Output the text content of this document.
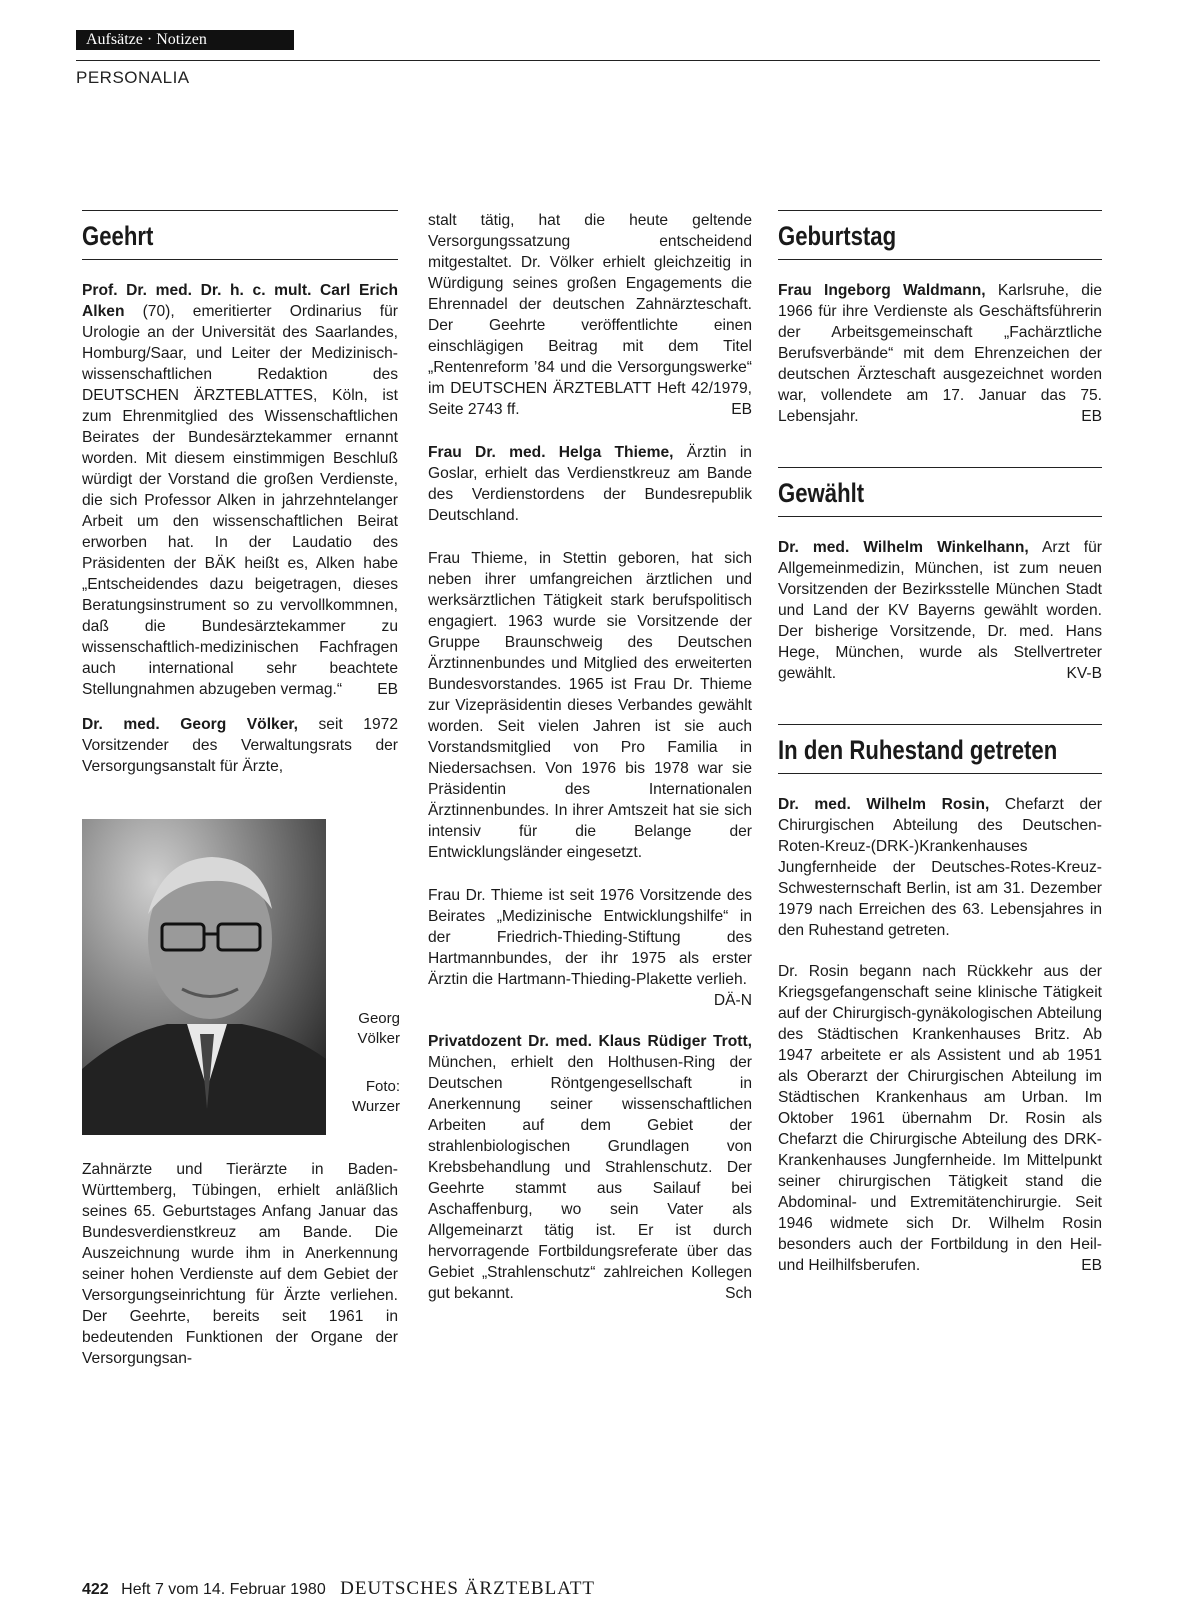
Aufsätze · Notizen
PERSONALIA
Geehrt

Prof. Dr. med. Dr. h. c. mult. Carl Erich Alken (70), emeritierter Ordinarius für Urologie an der Universität des Saarlandes, Homburg/Saar, und Leiter der Medizinisch-wissenschaftlichen Redaktion des DEUTSCHEN ÄRZTEBLATTES, Köln, ist zum Ehrenmitglied des Wissenschaftlichen Beirates der Bundesärztekammer ernannt worden. Mit diesem einstimmigen Beschluß würdigt der Vorstand die großen Verdienste, die sich Professor Alken in jahrzehntelanger Arbeit um den wissenschaftlichen Beirat erworben hat. In der Laudatio des Präsidenten der BÄK heißt es, Alken habe „Entscheidendes dazu beigetragen, dieses Beratungsinstrument so zu vervollkommnen, daß die Bundesärztekammer zu wissenschaftlich-medizinischen Fachfragen auch international sehr beachtete Stellungnahmen abzugeben vermag.“ EB

Dr. med. Georg Völker, seit 1972 Vorsitzender des Verwaltungsrats der Versorgungsanstalt für Ärzte,

Georg Völker
Foto: Wurzer

Zahnärzte und Tierärzte in Baden-Württemberg, Tübingen, erhielt anläßlich seines 65. Geburtstages Anfang Januar das Bundesverdienstkreuz am Bande. Die Auszeichnung wurde ihm in Anerkennung seiner hohen Verdienste auf dem Gebiet der Versorgungseinrichtung für Ärzte verliehen. Der Geehrte, bereits seit 1961 in bedeutenden Funktionen der Organe der Versorgungsan-

stalt tätig, hat die heute geltende Versorgungssatzung entscheidend mitgestaltet. Dr. Völker erhielt gleichzeitig in Würdigung seines großen Engagements die Ehrennadel der deutschen Zahnärzteschaft. Der Geehrte veröffentlichte einen einschlägigen Beitrag mit dem Titel „Rentenreform ’84 und die Versorgungswerke“ im DEUTSCHEN ÄRZTEBLATT Heft 42/1979, Seite 2743 ff.	EB

Frau Dr. med. Helga Thieme, Ärztin in Goslar, erhielt das Verdienstkreuz am Bande des Verdienstordens der Bundesrepublik Deutschland.

Frau Thieme, in Stettin geboren, hat sich neben ihrer umfangreichen ärztlichen und werksärztlichen Tätigkeit stark berufspolitisch engagiert. 1963 wurde sie Vorsitzende der Gruppe Braunschweig des Deutschen Ärztinnenbundes und Mitglied des erweiterten Bundesvorstandes. 1965 ist Frau Dr. Thieme zur Vizepräsidentin dieses Verbandes gewählt worden. Seit vielen Jahren ist sie auch Vorstandsmitglied von Pro Familia in Niedersachsen. Von 1976 bis 1978 war sie Präsidentin des Internationalen Ärztinnenbundes. In ihrer Amtszeit hat sie sich intensiv für die Belange der Entwicklungsländer eingesetzt.

Frau Dr. Thieme ist seit 1976 Vorsitzende des Beirates „Medizinische Entwicklungshilfe“ in der Friedrich-Thieding-Stiftung des Hartmannbundes, der ihr 1975 als erster Ärztin die Hartmann-Thieding-Plakette verlieh.
DÄ-N

Privatdozent Dr. med. Klaus Rüdiger Trott, München, erhielt den Holthusen-Ring der Deutschen Röntgengesellschaft in Anerkennung seiner wissenschaftlichen Arbeiten auf dem Gebiet der strahlenbiologischen Grundlagen von Krebsbehandlung und Strahlenschutz. Der Geehrte stammt aus Sailauf bei Aschaffenburg, wo sein Vater als Allgemeinarzt tätig ist. Er ist durch hervorragende Fortbildungsreferate über das Gebiet „Strahlenschutz“ zahlreichen Kollegen gut bekannt.	Sch

Geburtstag

Frau Ingeborg Waldmann, Karlsruhe, die 1966 für ihre Verdienste als Geschäftsführerin der Arbeitsgemeinschaft „Fachärztliche Berufsverbände“ mit dem Ehrenzeichen der deutschen Ärzteschaft ausgezeichnet worden war, vollendete am 17. Januar das 75. Lebensjahr.	EB

Gewählt

Dr. med. Wilhelm Winkelhann, Arzt für Allgemeinmedizin, München, ist zum neuen Vorsitzenden der Bezirksstelle München Stadt und Land der KV Bayerns gewählt worden. Der bisherige Vorsitzende, Dr. med. Hans Hege, München, wurde als Stellvertreter gewählt.	KV-B

In den Ruhestand getreten

Dr. med. Wilhelm Rosin, Chefarzt der Chirurgischen Abteilung des Deutschen-Roten-Kreuz-(DRK-)Krankenhauses Jungfernheide der Deutsches-Rotes-Kreuz-Schwesternschaft Berlin, ist am 31. Dezember 1979 nach Erreichen des 63. Lebensjahres in den Ruhestand getreten.

Dr. Rosin begann nach Rückkehr aus der Kriegsgefangenschaft seine klinische Tätigkeit auf der Chirurgisch-gynäkologischen Abteilung des Städtischen Krankenhauses Britz. Ab 1947 arbeitete er als Assistent und ab 1951 als Oberarzt der Chirurgischen Abteilung im Städtischen Krankenhaus am Urban. Im Oktober 1961 übernahm Dr. Rosin als Chefarzt die Chirurgische Abteilung des DRK-Krankenhauses Jungfernheide. Im Mittelpunkt seiner chirurgischen Tätigkeit stand die Abdominal- und Extremitätenchirurgie. Seit 1946 widmete sich Dr. Wilhelm Rosin besonders auch der Fortbildung in den Heil- und Heilhilfsberufen.	EB

422 Heft 7 vom 14. Februar 1980 DEUTSCHES ÄRZTEBLATT
